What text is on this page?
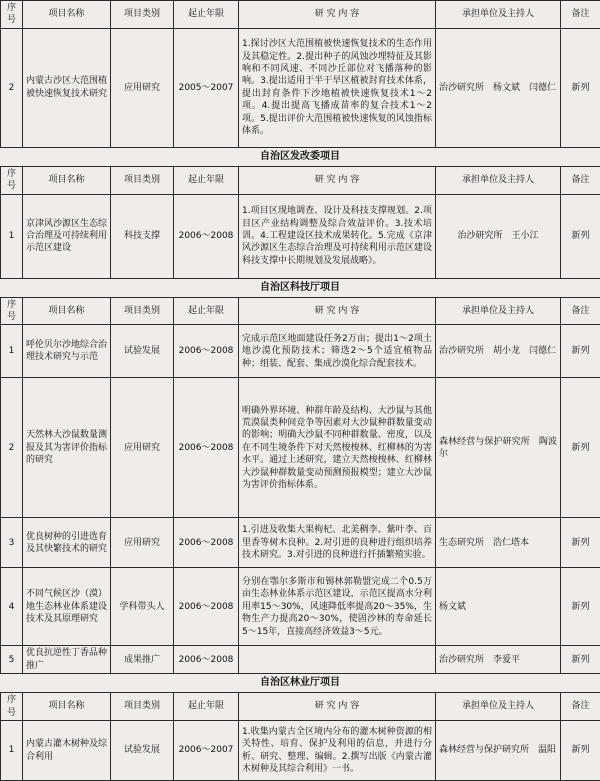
序号	项目名称	项目类别	起止年限	研 究 内 容	承担单位及主持人	备注
2	内蒙古沙区大范围植被快速恢复技术研究	应用研究	2005～2007	1.探讨沙区大范围植被快速恢复技术的生态作用及其稳定性。2.提出种子的风蚀沙埋特征及其影响和不同风速、不同沙丘部位对飞播落种的影响。3.提出适用于半干旱区植被封育技术体系，提出封育条件下沙地植被快速恢复技术1～2项。4.提出提高飞播成苗率的复合技术1～2项。5.提出评价大范围植被快速恢复的风蚀指标体系。	治沙研究所　杨文斌　闫德仁	新列
自治区发改委项目
序号	项目名称	项目类别	起止年限	研 究 内 容	承担单位及主持人	备注
1	京津风沙源区生态综合治理及可持续利用示范区建设	科技支撑	2006～2008	1.项目区现地调查、设计及科技支撑规划。2.项目区产业结构调整及综合效益评价。3.技术培训。4.工程建设区技术成果转化。5.完成《京津风沙源区生态综合治理及可持续利用示范区建设科技支撑中长期规划及发展战略》。	治沙研究所　王小江	新列
自治区科技厅项目
序号	项目名称	项目类别	起止年限	研 究 内 容	承担单位及主持人	备注
1	呼伦贝尔沙地综合治理技术研究与示范	试验发展	2006～2008	完成示范区地面建设任务2万亩；提出1～2项土地沙漠化预防技术；筛选2～5个适宜植物品种；组装、配套、集成沙漠化综合配套技术。	治沙研究所　胡小龙　闫德仁	新列
2	天然林大沙鼠数量测报及其为害评价指标的研究	应用研究	2006～2008	明确外界环境、种群年龄及结构、大沙鼠与其他荒漠鼠类种间竞争等因素对大沙鼠种群数量变动的影响；明确大沙鼠不同种群数量、密度，以及在不同生境条件下对天然梭梭林、红柳林的为害水平。通过上述研究，建立天然梭梭林、红柳林大沙鼠种群数量变动预测预报模型；建立大沙鼠为害评价指标体系。	森林经营与保护研究所　陶波尔	新列
3	优良树种的引进选育及其快繁技术的研究	应用研究	2006～2008	1.引进及收集大果枸杞、北美稠李、紫叶李、百里香等树木良种。2.对引进的良种进行组织培养技术研究。3.对引进的良种进行扦插繁殖实验。	生态研究所　浩仁塔本	新列
4	不同气候区沙（漠）地生态林业体系建设技术及其原理研究	学科带头人	2006～2008	分别在鄂尔多斯市和锡林郭勒盟完成二个0.5万亩生态林业体系示范区建设，示范区提高水分利用率15～30%，风速降低率提高20～35%，生物生产力提高20～30%，使固沙林的寿命延长5～15年，直接高经济效益3～5元。	杨文斌	新列
5	优良抗逆性丁香品种推广	成果推广	2006～2008		治沙研究所　李爱平	新列
自治区林业厅项目
序号	项目名称	项目类别	起止年限	研 究 内 容	承担单位及主持人	备注
1	内蒙古灌木树种及综合利用	试验发展	2006～2007	1.收集内蒙古全区境内分布的灌木树种资源的相关特性、培育、保护及利用的信息，并进行分析、研究、整理、编辑。2.撰写出版《内蒙古灌木树种及其综合利用》一书。	森林经营与保护研究所　温阳	新列
